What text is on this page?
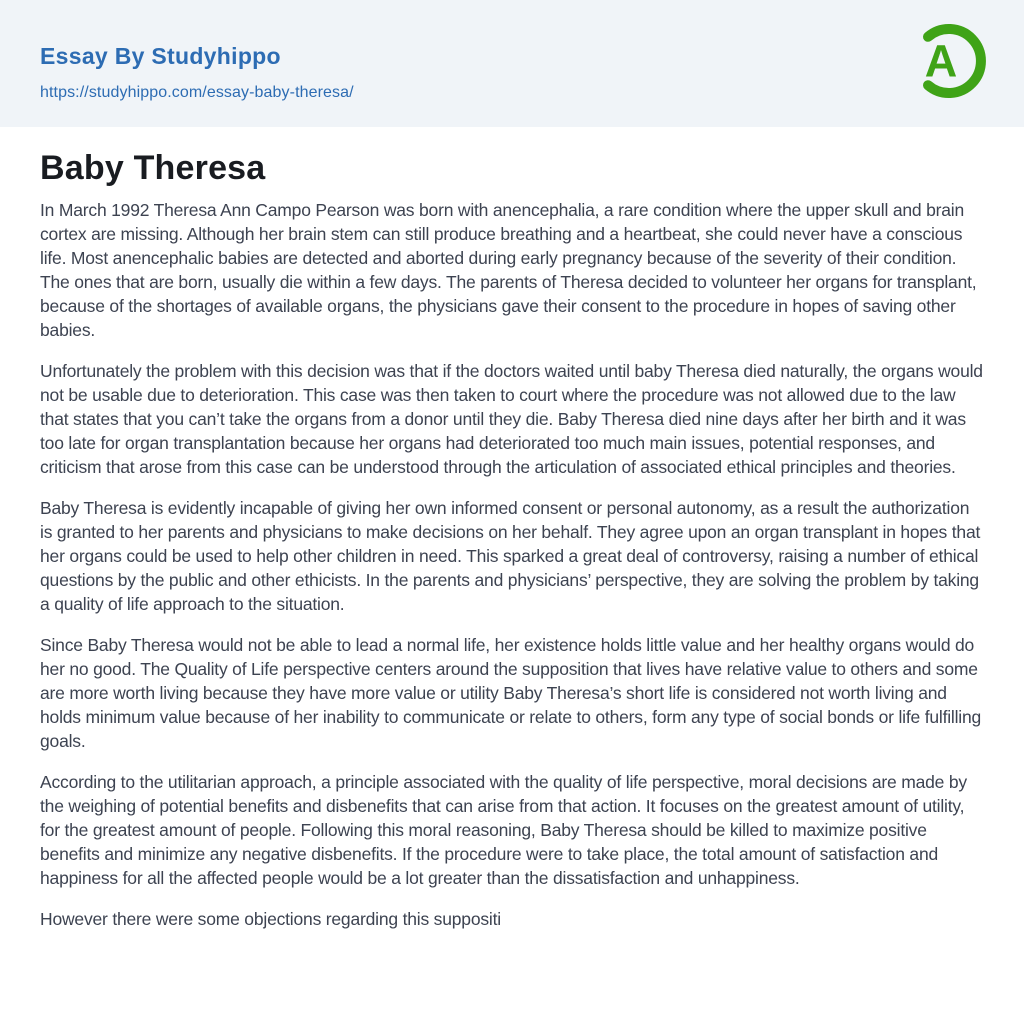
Essay By Studyhippo
https://studyhippo.com/essay-baby-theresa/
A
Baby Theresa

In March 1992 Theresa Ann Campo Pearson was born with anencephalia, a rare condition where the upper skull and brain cortex are missing. Although her brain stem can still produce breathing and a heartbeat, she could never have a conscious life. Most anencephalic babies are detected and aborted during early pregnancy because of the severity of their condition. The ones that are born, usually die within a few days. The parents of Theresa decided to volunteer her organs for transplant, because of the shortages of available organs, the physicians gave their consent to the procedure in hopes of saving other babies.

Unfortunately the problem with this decision was that if the doctors waited until baby Theresa died naturally, the organs would not be usable due to deterioration. This case was then taken to court where the procedure was not allowed due to the law that states that you can’t take the organs from a donor until they die. Baby Theresa died nine days after her birth and it was too late for organ transplantation because her organs had deteriorated too much main issues, potential responses, and criticism that arose from this case can be understood through the articulation of associated ethical principles and theories.

Baby Theresa is evidently incapable of giving her own informed consent or personal autonomy, as a result the authorization is granted to her parents and physicians to make decisions on her behalf. They agree upon an organ transplant in hopes that her organs could be used to help other children in need. This sparked a great deal of controversy, raising a number of ethical questions by the public and other ethicists. In the parents and physicians’ perspective, they are solving the problem by taking a quality of life approach to the situation.

Since Baby Theresa would not be able to lead a normal life, her existence holds little value and her healthy organs would do her no good. The Quality of Life perspective centers around the supposition that lives have relative value to others and some are more worth living because they have more value or utility Baby Theresa’s short life is considered not worth living and holds minimum value because of her inability to communicate or relate to others, form any type of social bonds or life fulfilling goals.

According to the utilitarian approach, a principle associated with the quality of life perspective, moral decisions are made by the weighing of potential benefits and disbenefits that can arise from that action. It focuses on the greatest amount of utility, for the greatest amount of people. Following this moral reasoning, Baby Theresa should be killed to maximize positive benefits and minimize any negative disbenefits. If the procedure were to take place, the total amount of satisfaction and happiness for all the affected people would be a lot greater than the dissatisfaction and unhappiness.

However there were some objections regarding this suppositi
